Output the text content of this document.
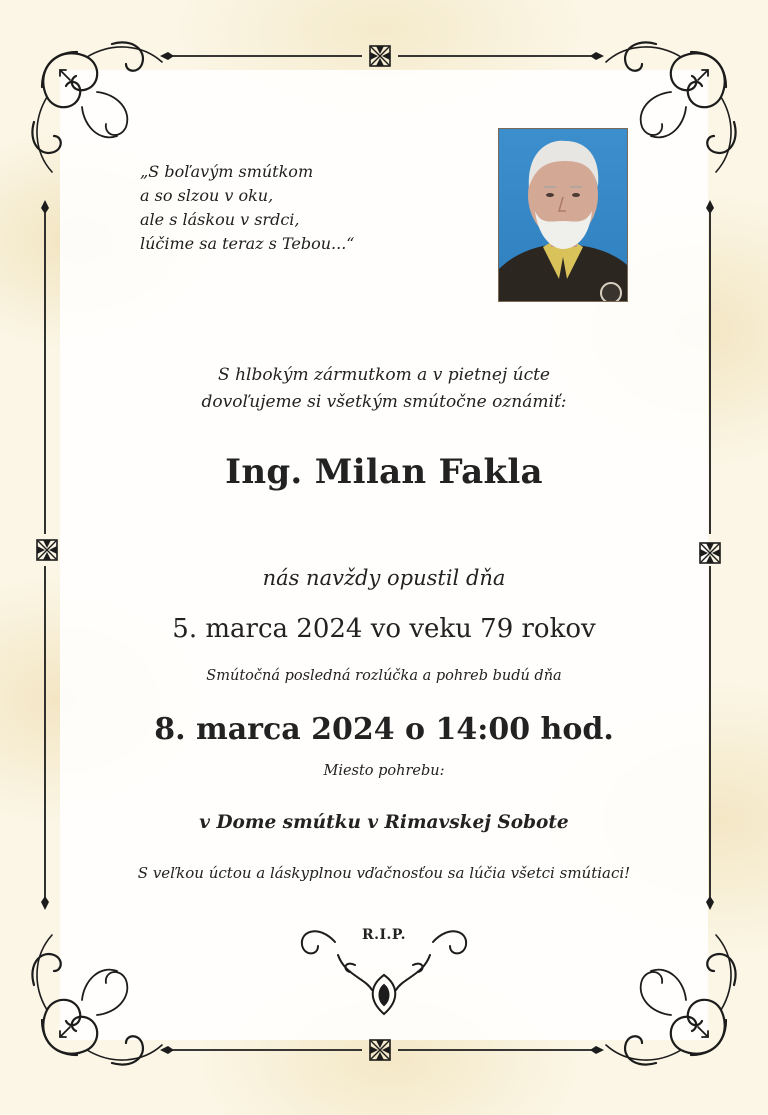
„S boľavým smútkom
a so slzou v oku,
ale s láskou v srdci,
lúčime sa teraz s Tebou...“
S hlbokým zármutkom a v pietnej úcte
dovoľujeme si všetkým smútočne oznámiť:
Ing. Milan Fakla
nás navždy opustil dňa
5. marca 2024 vo veku 79 rokov
Smútočná posledná rozlúčka a pohreb budú dňa
8. marca 2024 o 14:00 hod.
Miesto pohrebu:
v Dome smútku v Rimavskej Sobote
S veľkou úctou a láskyplnou vďačnosťou sa lúčia všetci smútiaci!
R.I.P.
